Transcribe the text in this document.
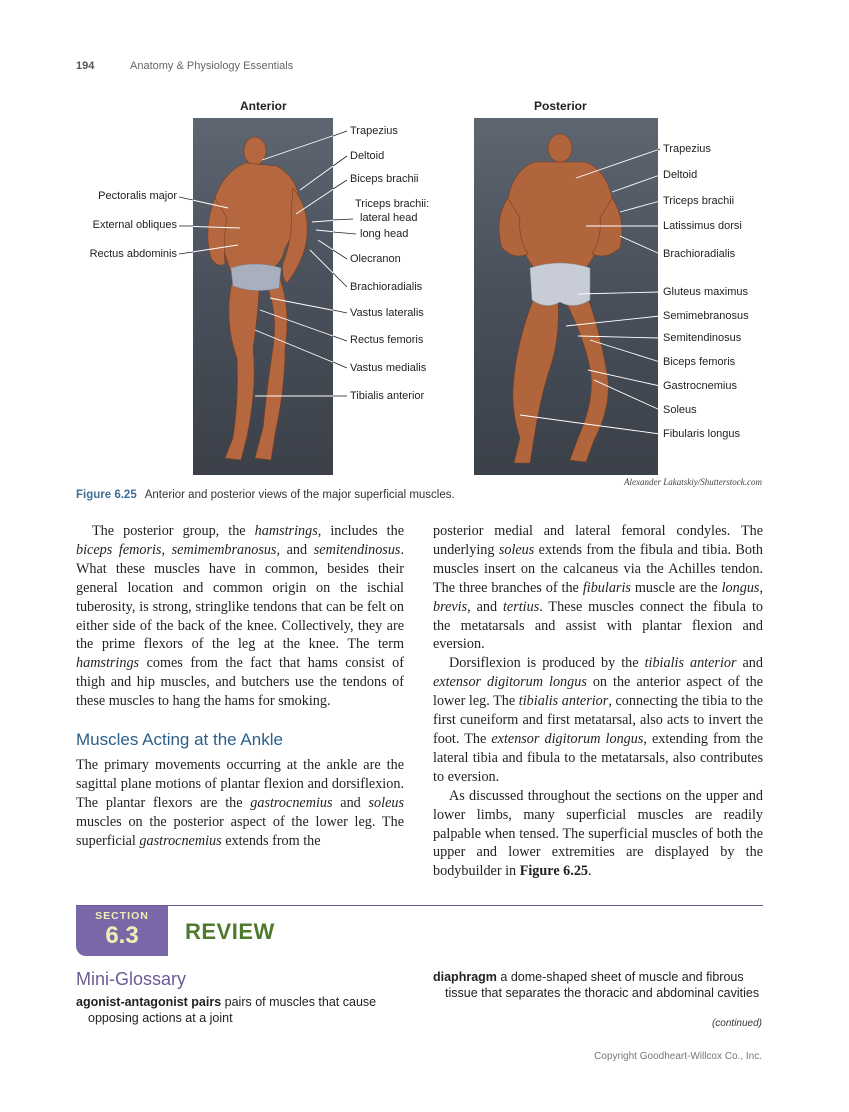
194	Anatomy & Physiology Essentials
Anterior	Posterior
Pectoralis major
External obliques
Rectus abdominis
Trapezius
Deltoid
Biceps brachii
Triceps brachii:
lateral head
long head
Olecranon
Brachioradialis
Vastus lateralis
Rectus femoris
Vastus medialis
Tibialis anterior
Trapezius
Deltoid
Triceps brachii
Latissimus dorsi
Brachioradialis
Gluteus maximus
Semimebranosus
Semitendinosus
Biceps femoris
Gastrocnemius
Soleus
Fibularis longus
Alexander Lakatskiy/Shutterstock.com
Figure 6.25 Anterior and posterior views of the major superficial muscles.

The posterior group, the hamstrings, includes the biceps femoris, semimembranosus, and semitendinosus. What these muscles have in common, besides their general location and common origin on the ischial tuberosity, is strong, stringlike tendons that can be felt on either side of the back of the knee. Collectively, they are the prime flexors of the leg at the knee. The term hamstrings comes from the fact that hams consist of thigh and hip muscles, and butchers use the tendons of these muscles to hang the hams for smoking.

Muscles Acting at the Ankle

The primary movements occurring at the ankle are the sagittal plane motions of plantar flexion and dorsiflexion. The plantar flexors are the gastrocnemius and soleus muscles on the posterior aspect of the lower leg. The superficial gastrocnemius extends from the

posterior medial and lateral femoral condyles. The underlying soleus extends from the fibula and tibia. Both muscles insert on the calcaneus via the Achilles tendon. The three branches of the fibularis muscle are the longus, brevis, and tertius. These muscles connect the fibula to the metatarsals and assist with plantar flexion and eversion.

Dorsiflexion is produced by the tibialis anterior and extensor digitorum longus on the anterior aspect of the lower leg. The tibialis anterior, connecting the tibia to the first cuneiform and first metatarsal, also acts to invert the foot. The extensor digitorum longus, extending from the lateral tibia and fibula to the metatarsals, also contributes to eversion.

As discussed throughout the sections on the upper and lower limbs, many superficial muscles are readily palpable when tensed. The superficial muscles of both the upper and lower extremities are displayed by the bodybuilder in Figure 6.25.

SECTION
6.3	REVIEW
Mini-Glossary
agonist-antagonist pairs pairs of muscles that cause opposing actions at a joint
diaphragm a dome-shaped sheet of muscle and fibrous tissue that separates the thoracic and abdominal cavities
(continued)
Copyright Goodheart-Willcox Co., Inc.
